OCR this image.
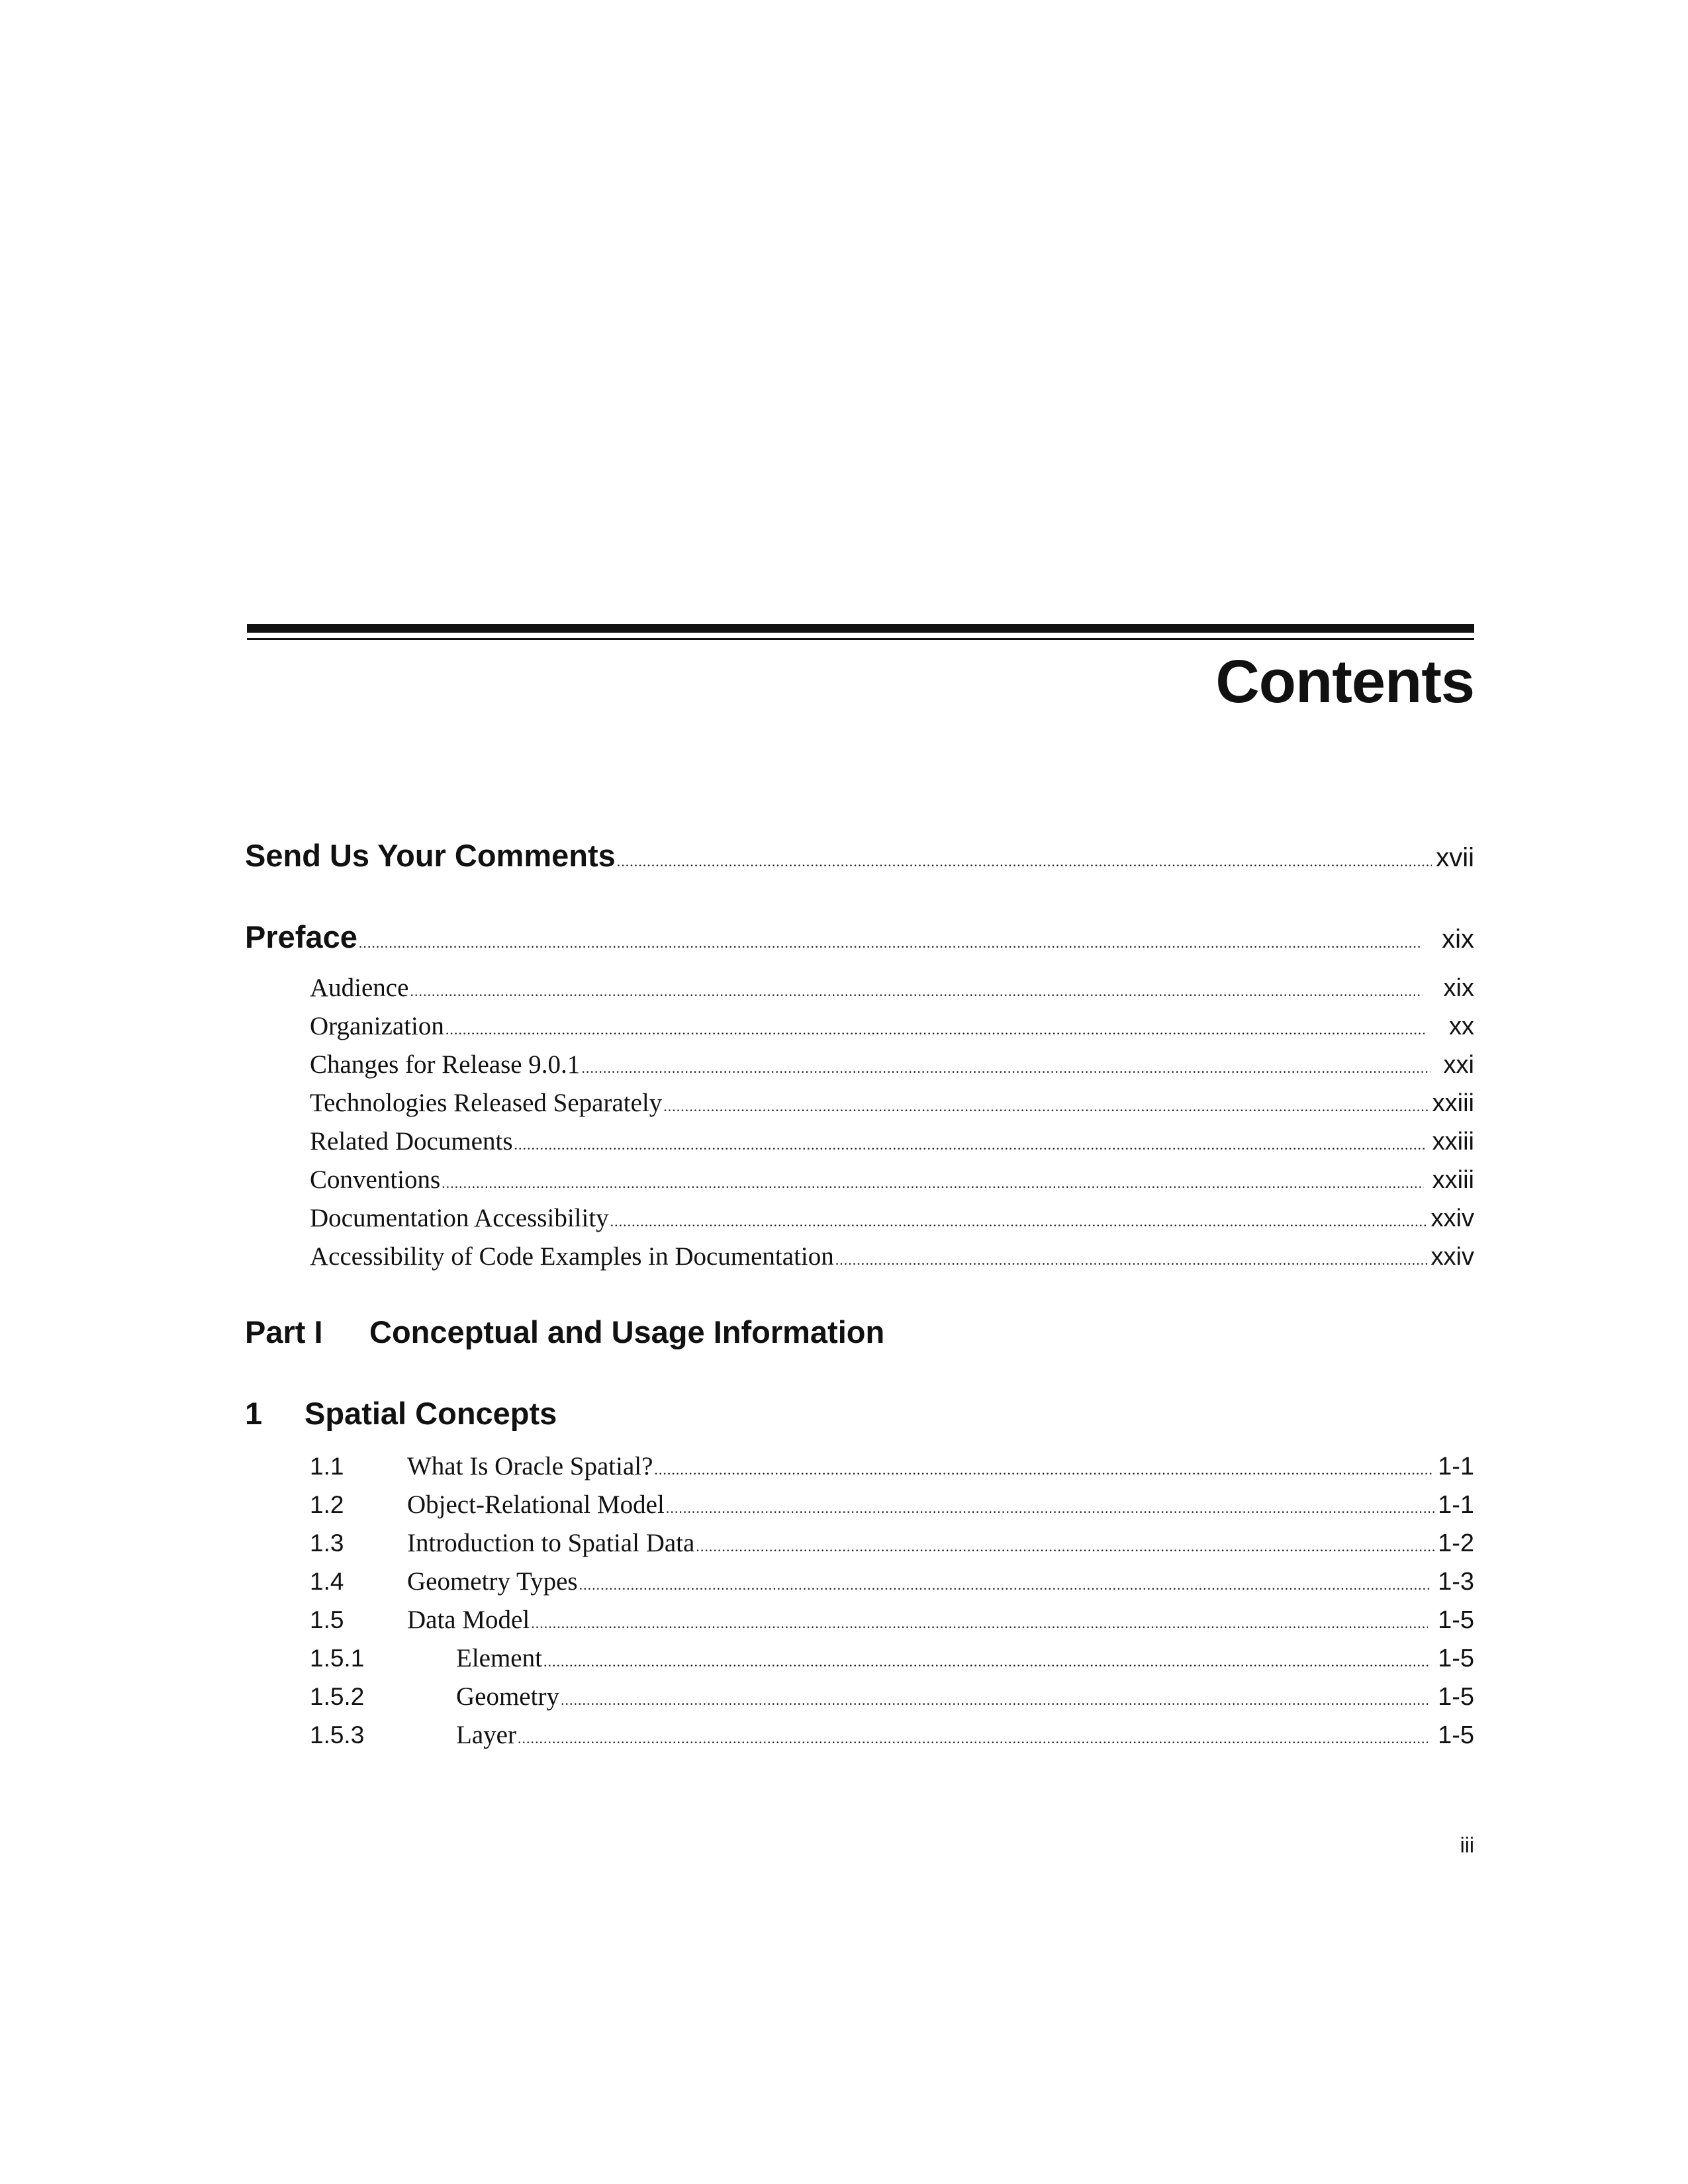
Contents
Send Us Your Comments .....	xvii
Preface .....	xix
Audience .....	xix
Organization .....	xx
Changes for Release 9.0.1 .....	xxi
Technologies Released Separately .....	xxiii
Related Documents .....	xxiii
Conventions .....	xxiii
Documentation Accessibility .....	xxiv
Accessibility of Code Examples in Documentation .....	xxiv
Part I	Conceptual and Usage Information
1	Spatial Concepts
1.1	What Is Oracle Spatial? .....	1-1
1.2	Object-Relational Model .....	1-1
1.3	Introduction to Spatial Data .....	1-2
1.4	Geometry Types .....	1-3
1.5	Data Model .....	1-5
1.5.1	Element .....	1-5
1.5.2	Geometry .....	1-5
1.5.3	Layer .....	1-5
iii
